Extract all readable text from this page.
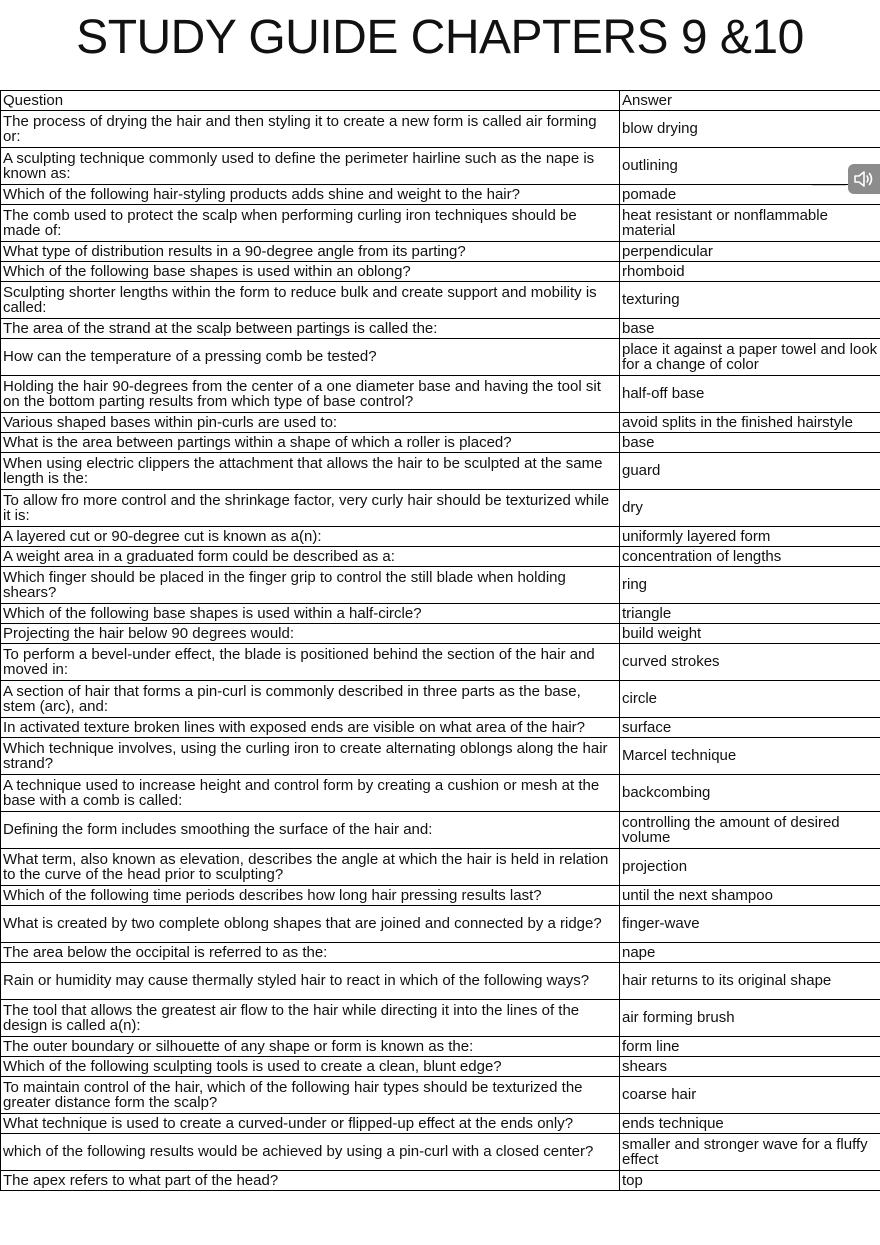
STUDY GUIDE CHAPTERS 9 &10
Question	Answer
The process of drying the hair and then styling it to create a new form is called air forming or:	blow drying
A sculpting technique commonly used to define the perimeter hairline such as the nape is known as:	outlining
Which of the following hair-styling products adds shine and weight to the hair?	pomade
The comb used to protect the scalp when performing curling iron techniques should be made of:	heat resistant or nonflammable material
What type of distribution results in a 90-degree angle from its parting?	perpendicular
Which of the following base shapes is used within an oblong?	rhomboid
Sculpting shorter lengths within the form to reduce bulk and create support and mobility is called:	texturing
The area of the strand at the scalp between partings is called the:	base
How can the temperature of a pressing comb be tested?	place it against a paper towel and look for a change of color
Holding the hair 90-degrees from the center of a one diameter base and having the tool sit on the bottom parting results from which type of base control?	half-off base
Various shaped bases within pin-curls are used to:	avoid splits in the finished hairstyle
What is the area between partings within a shape of which a roller is placed?	base
When using electric clippers the attachment that allows the hair to be sculpted at the same length is the:	guard
To allow fro more control and the shrinkage factor, very curly hair should be texturized while it is:	dry
A layered cut or 90-degree cut is known as a(n):	uniformly layered form
A weight area in a graduated form could be described as a:	concentration of lengths
Which finger should be placed in the finger grip to control the still blade when holding shears?	ring
Which of the following base shapes is used within a half-circle?	triangle
Projecting the hair below 90 degrees would:	build weight
To perform a bevel-under effect, the blade is positioned behind the section of the hair and moved in:	curved strokes
A section of hair that forms a pin-curl is commonly described in three parts as the base, stem (arc), and:	circle
In activated texture broken lines with exposed ends are visible on what area of the hair?	surface
Which technique involves, using the curling iron to create alternating oblongs along the hair strand?	Marcel technique
A technique used to increase height and control form by creating a cushion or mesh at the base with a comb is called:	backcombing
Defining the form includes smoothing the surface of the hair and:	controlling the amount of desired volume
What term, also known as elevation, describes the angle at which the hair is held in relation to the curve of the head prior to sculpting?	projection
Which of the following time periods describes how long hair pressing results last?	until the next shampoo
What is created by two complete oblong shapes that are joined and connected by a ridge?	finger-wave
The area below the occipital is referred to as the:	nape
Rain or humidity may cause thermally styled hair to react in which of the following ways?	hair returns to its original shape
The tool that allows the greatest air flow to the hair while directing it into the lines of the design is called a(n):	air forming brush
The outer boundary or silhouette of any shape or form is known as the:	form line
Which of the following sculpting tools is used to create a clean, blunt edge?	shears
To maintain control of the hair, which of the following hair types should be texturized the greater distance form the scalp?	coarse hair
What technique is used to create a curved-under or flipped-up effect at the ends only?	ends technique
which of the following results would be achieved by using a pin-curl with a closed center?	smaller and stronger wave for a fluffy effect
The apex refers to what part of the head?	top
